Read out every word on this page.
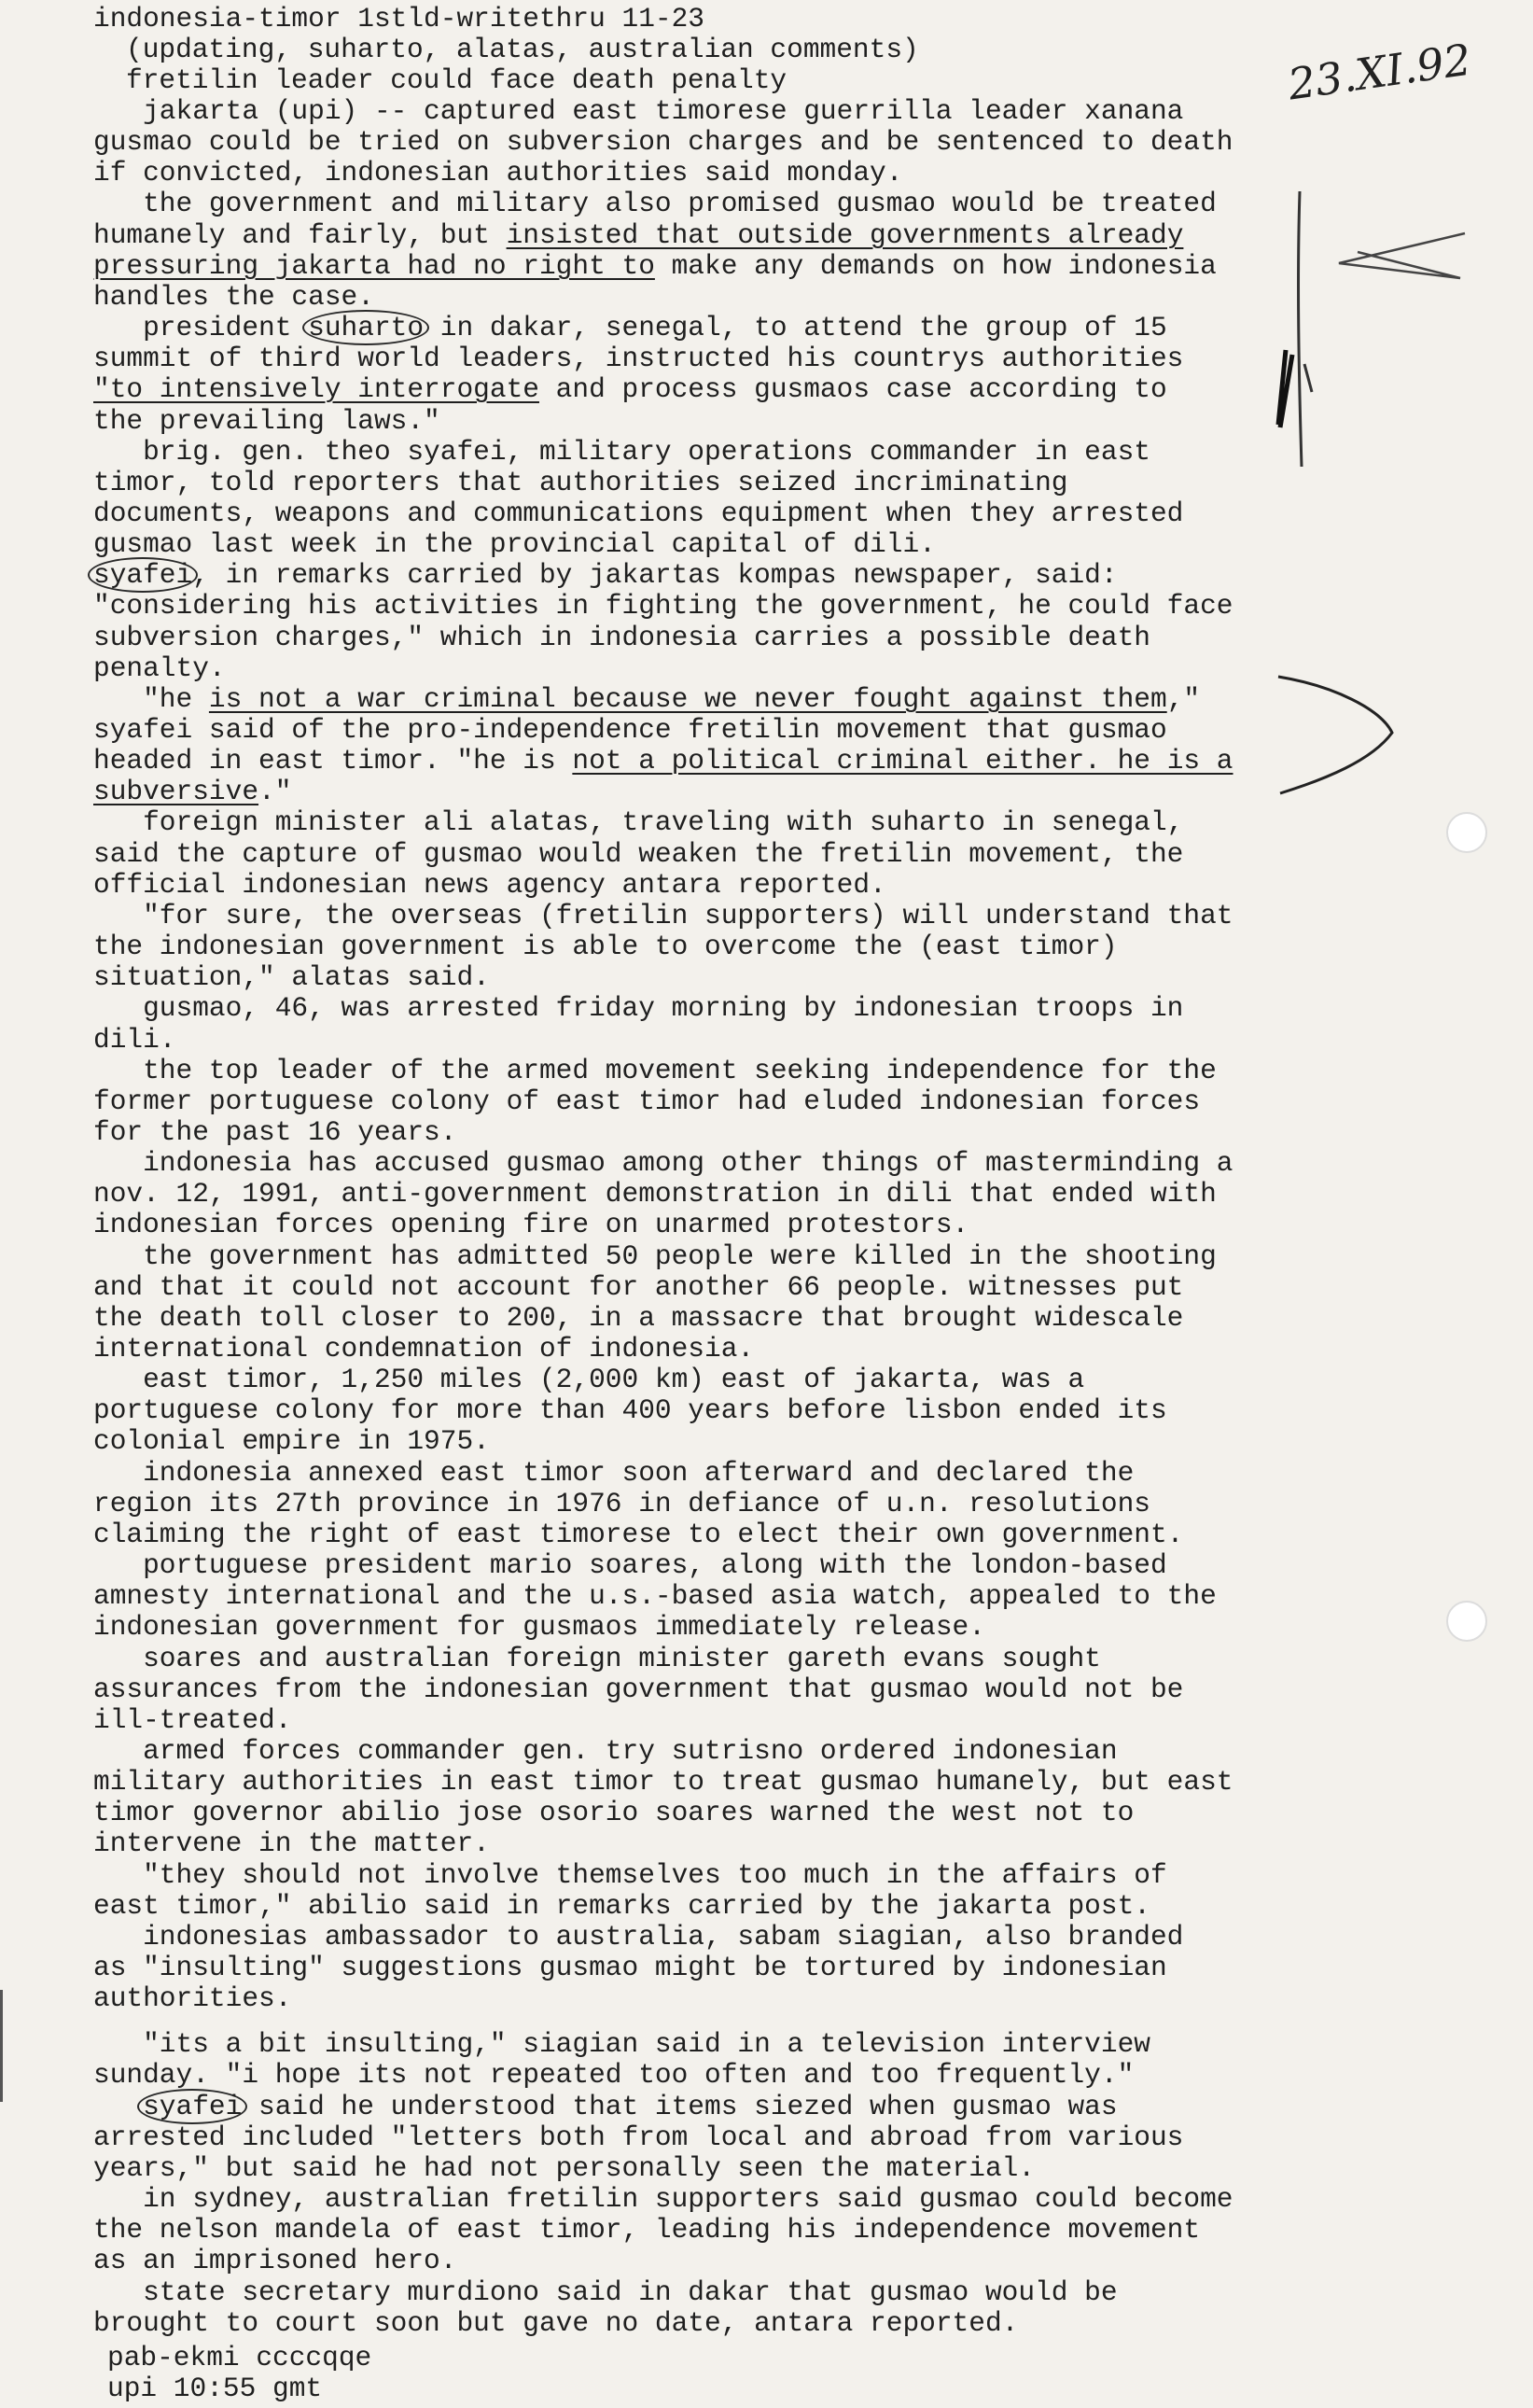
23.XI.92
indonesia-timor 1stld-writethru 11-23
(updating, suharto, alatas, australian comments)
fretilin leader could face death penalty
jakarta (upi) -- captured east timorese guerrilla leader xanana
gusmao could be tried on subversion charges and be sentenced to death
if convicted, indonesian authorities said monday.
the government and military also promised gusmao would be treated
humanely and fairly, but insisted that outside governments already
pressuring jakarta had no right to make any demands on how indonesia
handles the case.
president suharto in dakar, senegal, to attend the group of 15
summit of third world leaders, instructed his countrys authorities
"to intensively interrogate and process gusmaos case according to
the prevailing laws."
brig. gen. theo syafei, military operations commander in east
timor, told reporters that authorities seized incriminating
documents, weapons and communications equipment when they arrested
gusmao last week in the provincial capital of dili.
syafei, in remarks carried by jakartas kompas newspaper, said:
"considering his activities in fighting the government, he could face
subversion charges," which in indonesia carries a possible death
penalty.
"he is not a war criminal because we never fought against them,"
syafei said of the pro-independence fretilin movement that gusmao
headed in east timor. "he is not a political criminal either. he is a
subversive."
foreign minister ali alatas, traveling with suharto in senegal,
said the capture of gusmao would weaken the fretilin movement, the
official indonesian news agency antara reported.
"for sure, the overseas (fretilin supporters) will understand that
the indonesian government is able to overcome the (east timor)
situation," alatas said.
gusmao, 46, was arrested friday morning by indonesian troops in
dili.
the top leader of the armed movement seeking independence for the
former portuguese colony of east timor had eluded indonesian forces
for the past 16 years.
indonesia has accused gusmao among other things of masterminding a
nov. 12, 1991, anti-government demonstration in dili that ended with
indonesian forces opening fire on unarmed protestors.
the government has admitted 50 people were killed in the shooting
and that it could not account for another 66 people. witnesses put
the death toll closer to 200, in a massacre that brought widescale
international condemnation of indonesia.
east timor, 1,250 miles (2,000 km) east of jakarta, was a
portuguese colony for more than 400 years before lisbon ended its
colonial empire in 1975.
indonesia annexed east timor soon afterward and declared the
region its 27th province in 1976 in defiance of u.n. resolutions
claiming the right of east timorese to elect their own government.
portuguese president mario soares, along with the london-based
amnesty international and the u.s.-based asia watch, appealed to the
indonesian government for gusmaos immediately release.
soares and australian foreign minister gareth evans sought
assurances from the indonesian government that gusmao would not be
ill-treated.
armed forces commander gen. try sutrisno ordered indonesian
military authorities in east timor to treat gusmao humanely, but east
timor governor abilio jose osorio soares warned the west not to
intervene in the matter.
"they should not involve themselves too much in the affairs of
east timor," abilio said in remarks carried by the jakarta post.
indonesias ambassador to australia, sabam siagian, also branded
as "insulting" suggestions gusmao might be tortured by indonesian
authorities.
"its a bit insulting," siagian said in a television interview
sunday. "i hope its not repeated too often and too frequently."
syafei said he understood that items siezed when gusmao was
arrested included "letters both from local and abroad from various
years," but said he had not personally seen the material.
in sydney, australian fretilin supporters said gusmao could become
the nelson mandela of east timor, leading his independence movement
as an imprisoned hero.
state secretary murdiono said in dakar that gusmao would be
brought to court soon but gave no date, antara reported.
pab-ekmi ccccqqe
upi 10:55 gmt
